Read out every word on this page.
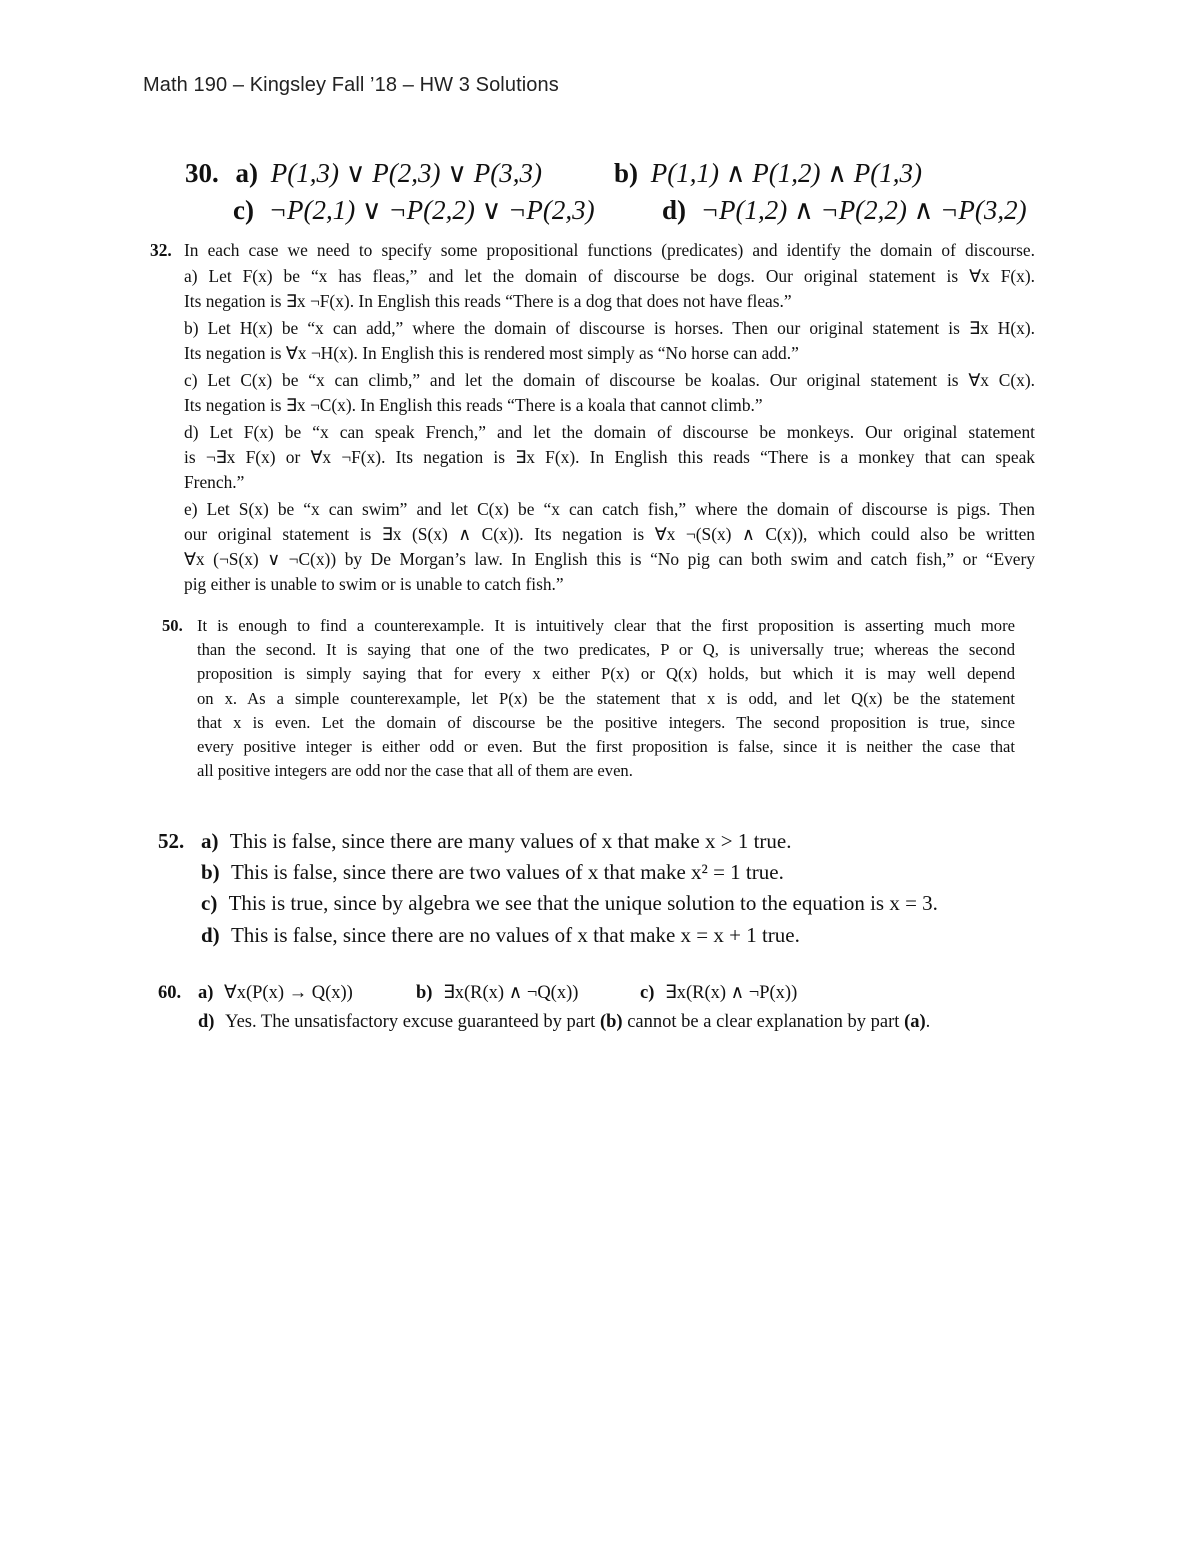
Math 190 – Kingsley Fall ’18 – HW 3 Solutions
30. a) P(1,3) ∨ P(2,3) ∨ P(3,3)	b) P(1,1) ∧ P(1,2) ∧ P(1,3)
c) ¬P(2,1) ∨ ¬P(2,2) ∨ ¬P(2,3) d) ¬P(1,2) ∧ ¬P(2,2) ∧ ¬P(3,2)
32. In each case we need to specify some propositional functions (predicates) and identify the domain of discourse.
a) Let F(x) be “x has fleas,” and let the domain of discourse be dogs. Our original statement is ∀x F(x).
Its negation is ∃x ¬F(x). In English this reads “There is a dog that does not have fleas.”
b) Let H(x) be “x can add,” where the domain of discourse is horses. Then our original statement is ∃x H(x).
Its negation is ∀x ¬H(x). In English this is rendered most simply as “No horse can add.”
c) Let C(x) be “x can climb,” and let the domain of discourse be koalas. Our original statement is ∀x C(x).
Its negation is ∃x ¬C(x). In English this reads “There is a koala that cannot climb.”
d) Let F(x) be “x can speak French,” and let the domain of discourse be monkeys. Our original statement
is ¬∃x F(x) or ∀x ¬F(x). Its negation is ∃x F(x). In English this reads “There is a monkey that can speak
French.”
e) Let S(x) be “x can swim” and let C(x) be “x can catch fish,” where the domain of discourse is pigs. Then
our original statement is ∃x (S(x) ∧ C(x)). Its negation is ∀x ¬(S(x) ∧ C(x)), which could also be written
∀x (¬S(x) ∨ ¬C(x)) by De Morgan’s law. In English this is “No pig can both swim and catch fish,” or “Every
pig either is unable to swim or is unable to catch fish.”
50. It is enough to find a counterexample. It is intuitively clear that the first proposition is asserting much more
than the second. It is saying that one of the two predicates, P or Q, is universally true; whereas the second
proposition is simply saying that for every x either P(x) or Q(x) holds, but which it is may well depend
on x. As a simple counterexample, let P(x) be the statement that x is odd, and let Q(x) be the statement
that x is even. Let the domain of discourse be the positive integers. The second proposition is true, since
every positive integer is either odd or even. But the first proposition is false, since it is neither the case that
all positive integers are odd nor the case that all of them are even.
52. a) This is false, since there are many values of x that make x > 1 true.
b) This is false, since there are two values of x that make x² = 1 true.
c) This is true, since by algebra we see that the unique solution to the equation is x = 3.
d) This is false, since there are no values of x that make x = x + 1 true.
60. a) ∀x(P(x) → Q(x))	b) ∃x(R(x) ∧ ¬Q(x))	c) ∃x(R(x) ∧ ¬P(x))
d) Yes. The unsatisfactory excuse guaranteed by part (b) cannot be a clear explanation by part (a).
